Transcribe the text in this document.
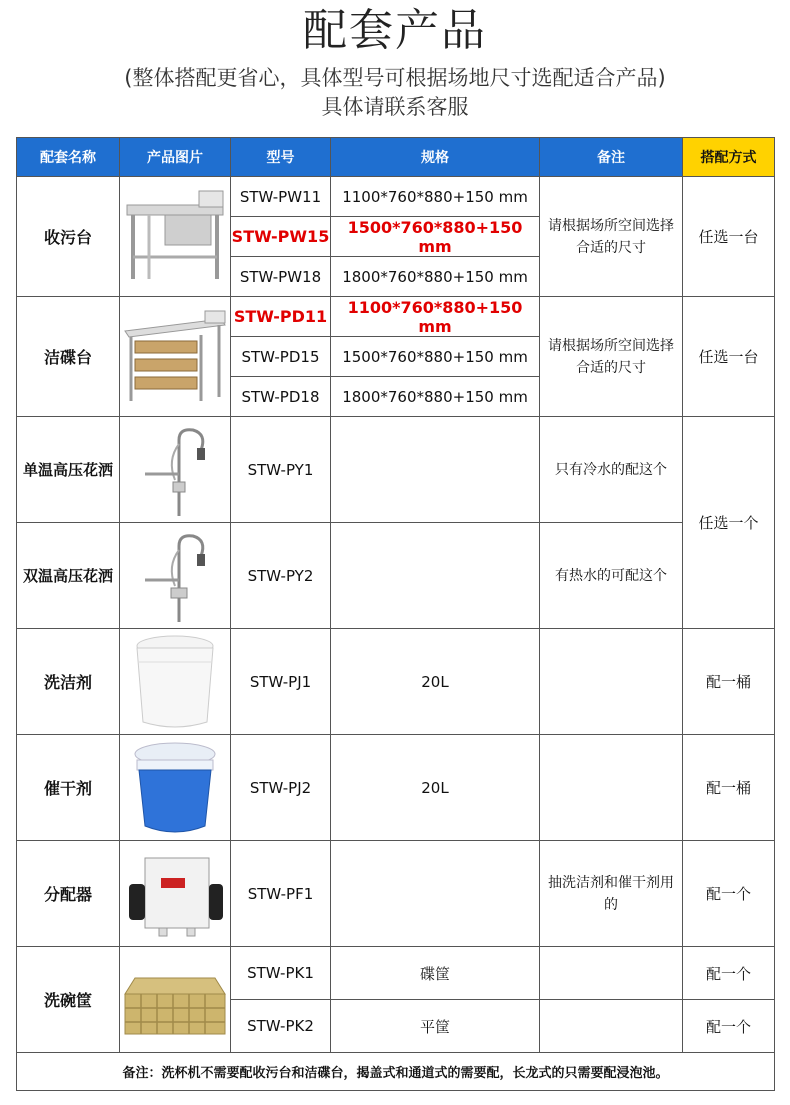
配套产品
(整体搭配更省心，具体型号可根据场地尺寸选配适合产品)
具体请联系客服
配套名称	产品图片	型号	规格	备注	搭配方式
收污台		STW-PW11	1100*760*880+150 mm	请根据场所空间选择合适的尺寸	任选一台
		STW-PW15	1500*760*880+150 mm		
		STW-PW18	1800*760*880+150 mm		
洁碟台		STW-PD11	1100*760*880+150 mm	请根据场所空间选择合适的尺寸	任选一台
		STW-PD15	1500*760*880+150 mm		
		STW-PD18	1800*760*880+150 mm		
单温高压花洒		STW-PY1		只有冷水的配这个	任选一个
双温高压花洒		STW-PY2		有热水的可配这个	
洗洁剂		STW-PJ1	20L		配一桶
催干剂		STW-PJ2	20L		配一桶
分配器		STW-PF1		抽洗洁剂和催干剂用的	配一个
洗碗筐		STW-PK1	碟筐		配一个
		STW-PK2	平筐		配一个
备注：洗杯机不需要配收污台和洁碟台，揭盖式和通道式的需要配，长龙式的只需要配浸泡池。					
